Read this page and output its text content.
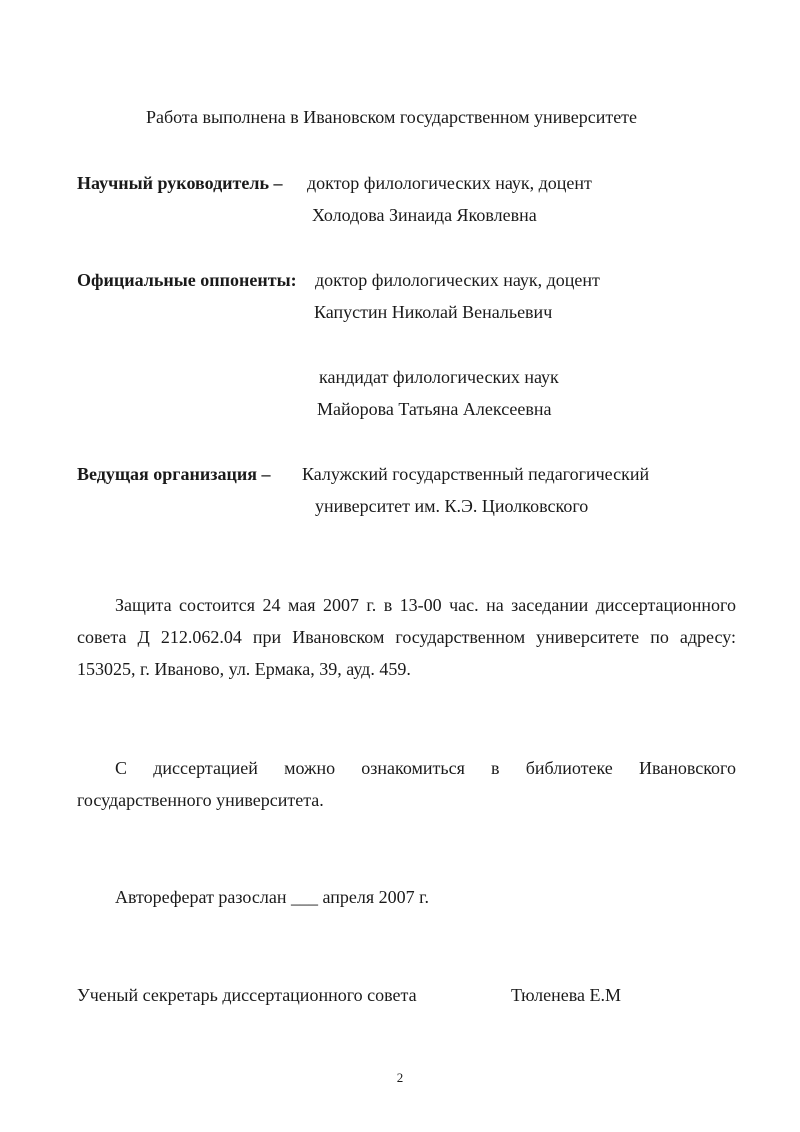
Работа выполнена в Ивановском государственном университете
Научный руководитель – доктор филологических наук, доцент
Холодова Зинаида Яковлевна
Официальные оппоненты: доктор филологических наук, доцент
Капустин Николай Венальевич
кандидат филологических наук
Майорова Татьяна Алексеевна
Ведущая организация – Калужский государственный педагогический
университет им. К.Э. Циолковского
Защита состоится 24 мая 2007 г. в 13-00 час. на заседании диссертационного
совета Д 212.062.04 при Ивановском государственном университете по адресу:
153025, г. Иваново, ул. Ермака, 39, ауд. 459.
С диссертацией можно ознакомиться в библиотеке Ивановского
государственного университета.
Автореферат разослан ___ апреля 2007 г.
Ученый секретарь диссертационного совета	Тюленева Е.М
2
